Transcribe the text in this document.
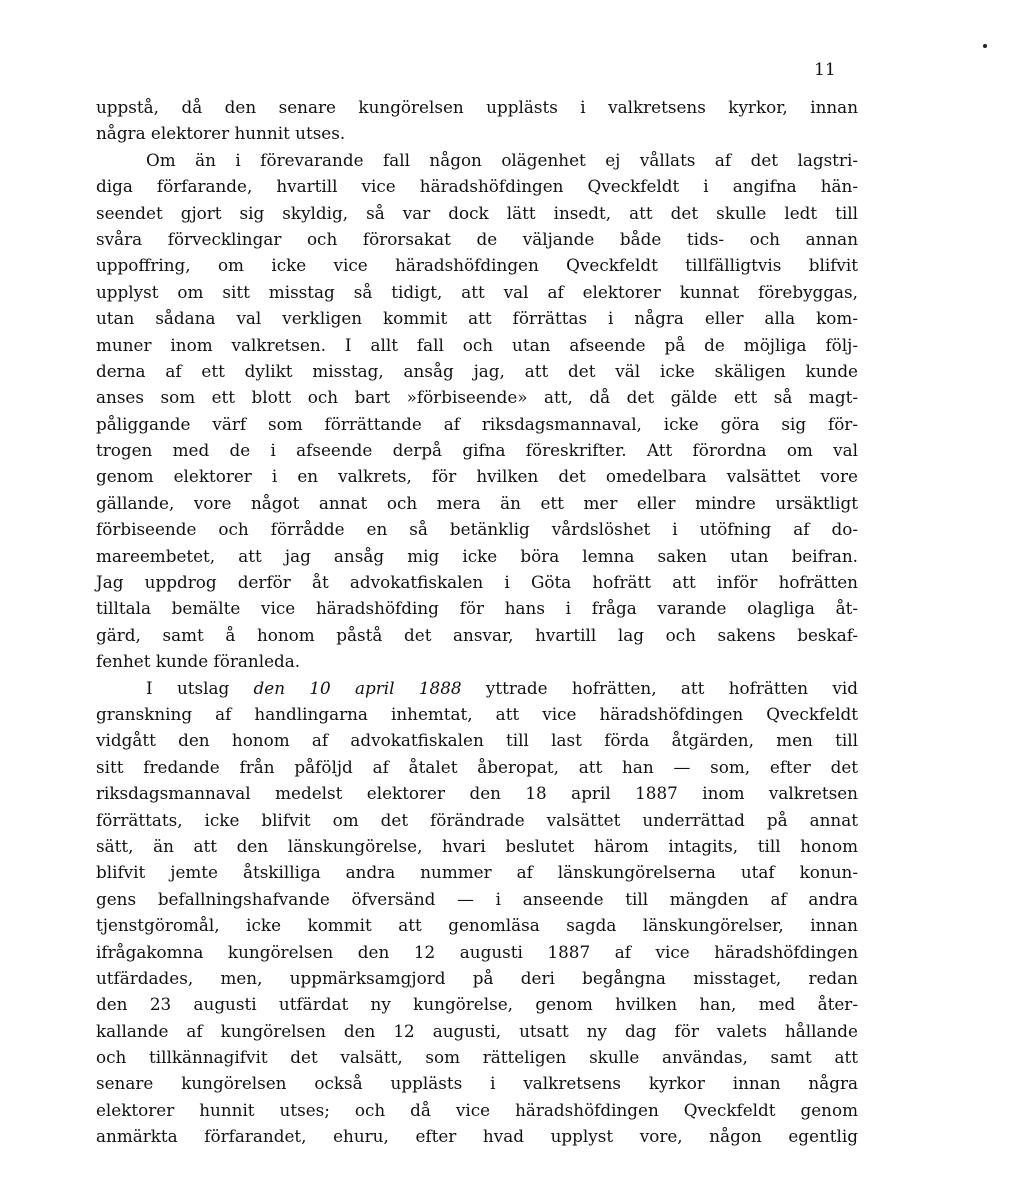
11
uppstå, då den senare kungörelsen upplästs i valkretsens kyrkor, innan
några elektorer hunnit utses.
Om än i förevarande fall någon olägenhet ej vållats af det lagstri-
diga förfarande, hvartill vice häradshöfdingen Qveckfeldt i angifna hän-
seendet gjort sig skyldig, så var dock lätt insedt, att det skulle ledt till
svåra förvecklingar och förorsakat de väljande både tids- och annan
uppoffring, om icke vice häradshöfdingen Qveckfeldt tillfälligtvis blifvit
upplyst om sitt misstag så tidigt, att val af elektorer kunnat förebyggas,
utan sådana val verkligen kommit att förrättas i några eller alla kom-
muner inom valkretsen. I allt fall och utan afseende på de möjliga följ-
derna af ett dylikt misstag, ansåg jag, att det väl icke skäligen kunde
anses som ett blott och bart »förbiseende» att, då det gälde ett så magt-
påliggande värf som förrättande af riksdagsmannaval, icke göra sig för-
trogen med de i afseende derpå gifna föreskrifter. Att förordna om val
genom elektorer i en valkrets, för hvilken det omedelbara valsättet vore
gällande, vore något annat och mera än ett mer eller mindre ursäktligt
förbiseende och förrådde en så betänklig vårdslöshet i utöfning af do-
mareembetet, att jag ansåg mig icke böra lemna saken utan beifran.
Jag uppdrog derför åt advokatfiskalen i Göta hofrätt att inför hofrätten
tilltala bemälte vice häradshöfding för hans i fråga varande olagliga åt-
gärd, samt å honom påstå det ansvar, hvartill lag och sakens beskaf-
fenhet kunde föranleda.
I utslag den 10 april 1888 yttrade hofrätten, att hofrätten vid
granskning af handlingarna inhemtat, att vice häradshöfdingen Qveckfeldt
vidgått den honom af advokatfiskalen till last förda åtgärden, men till
sitt fredande från påföljd af åtalet åberopat, att han — som, efter det
riksdagsmannaval medelst elektorer den 18 april 1887 inom valkretsen
förrättats, icke blifvit om det förändrade valsättet underrättad på annat
sätt, än att den länskungörelse, hvari beslutet härom intagits, till honom
blifvit jemte åtskilliga andra nummer af länskungörelserna utaf konun-
gens befallningshafvande öfversänd — i anseende till mängden af andra
tjenstgöromål, icke kommit att genomläsa sagda länskungörelser, innan
ifrågakomna kungörelsen den 12 augusti 1887 af vice häradshöfdingen
utfärdades, men, uppmärksamgjord på deri begångna misstaget, redan
den 23 augusti utfärdat ny kungörelse, genom hvilken han, med åter-
kallande af kungörelsen den 12 augusti, utsatt ny dag för valets hållande
och tillkännagifvit det valsätt, som rätteligen skulle användas, samt att
senare kungörelsen också upplästs i valkretsens kyrkor innan några
elektorer hunnit utses; och då vice häradshöfdingen Qveckfeldt genom
anmärkta förfarandet, ehuru, efter hvad upplyst vore, någon egentlig
